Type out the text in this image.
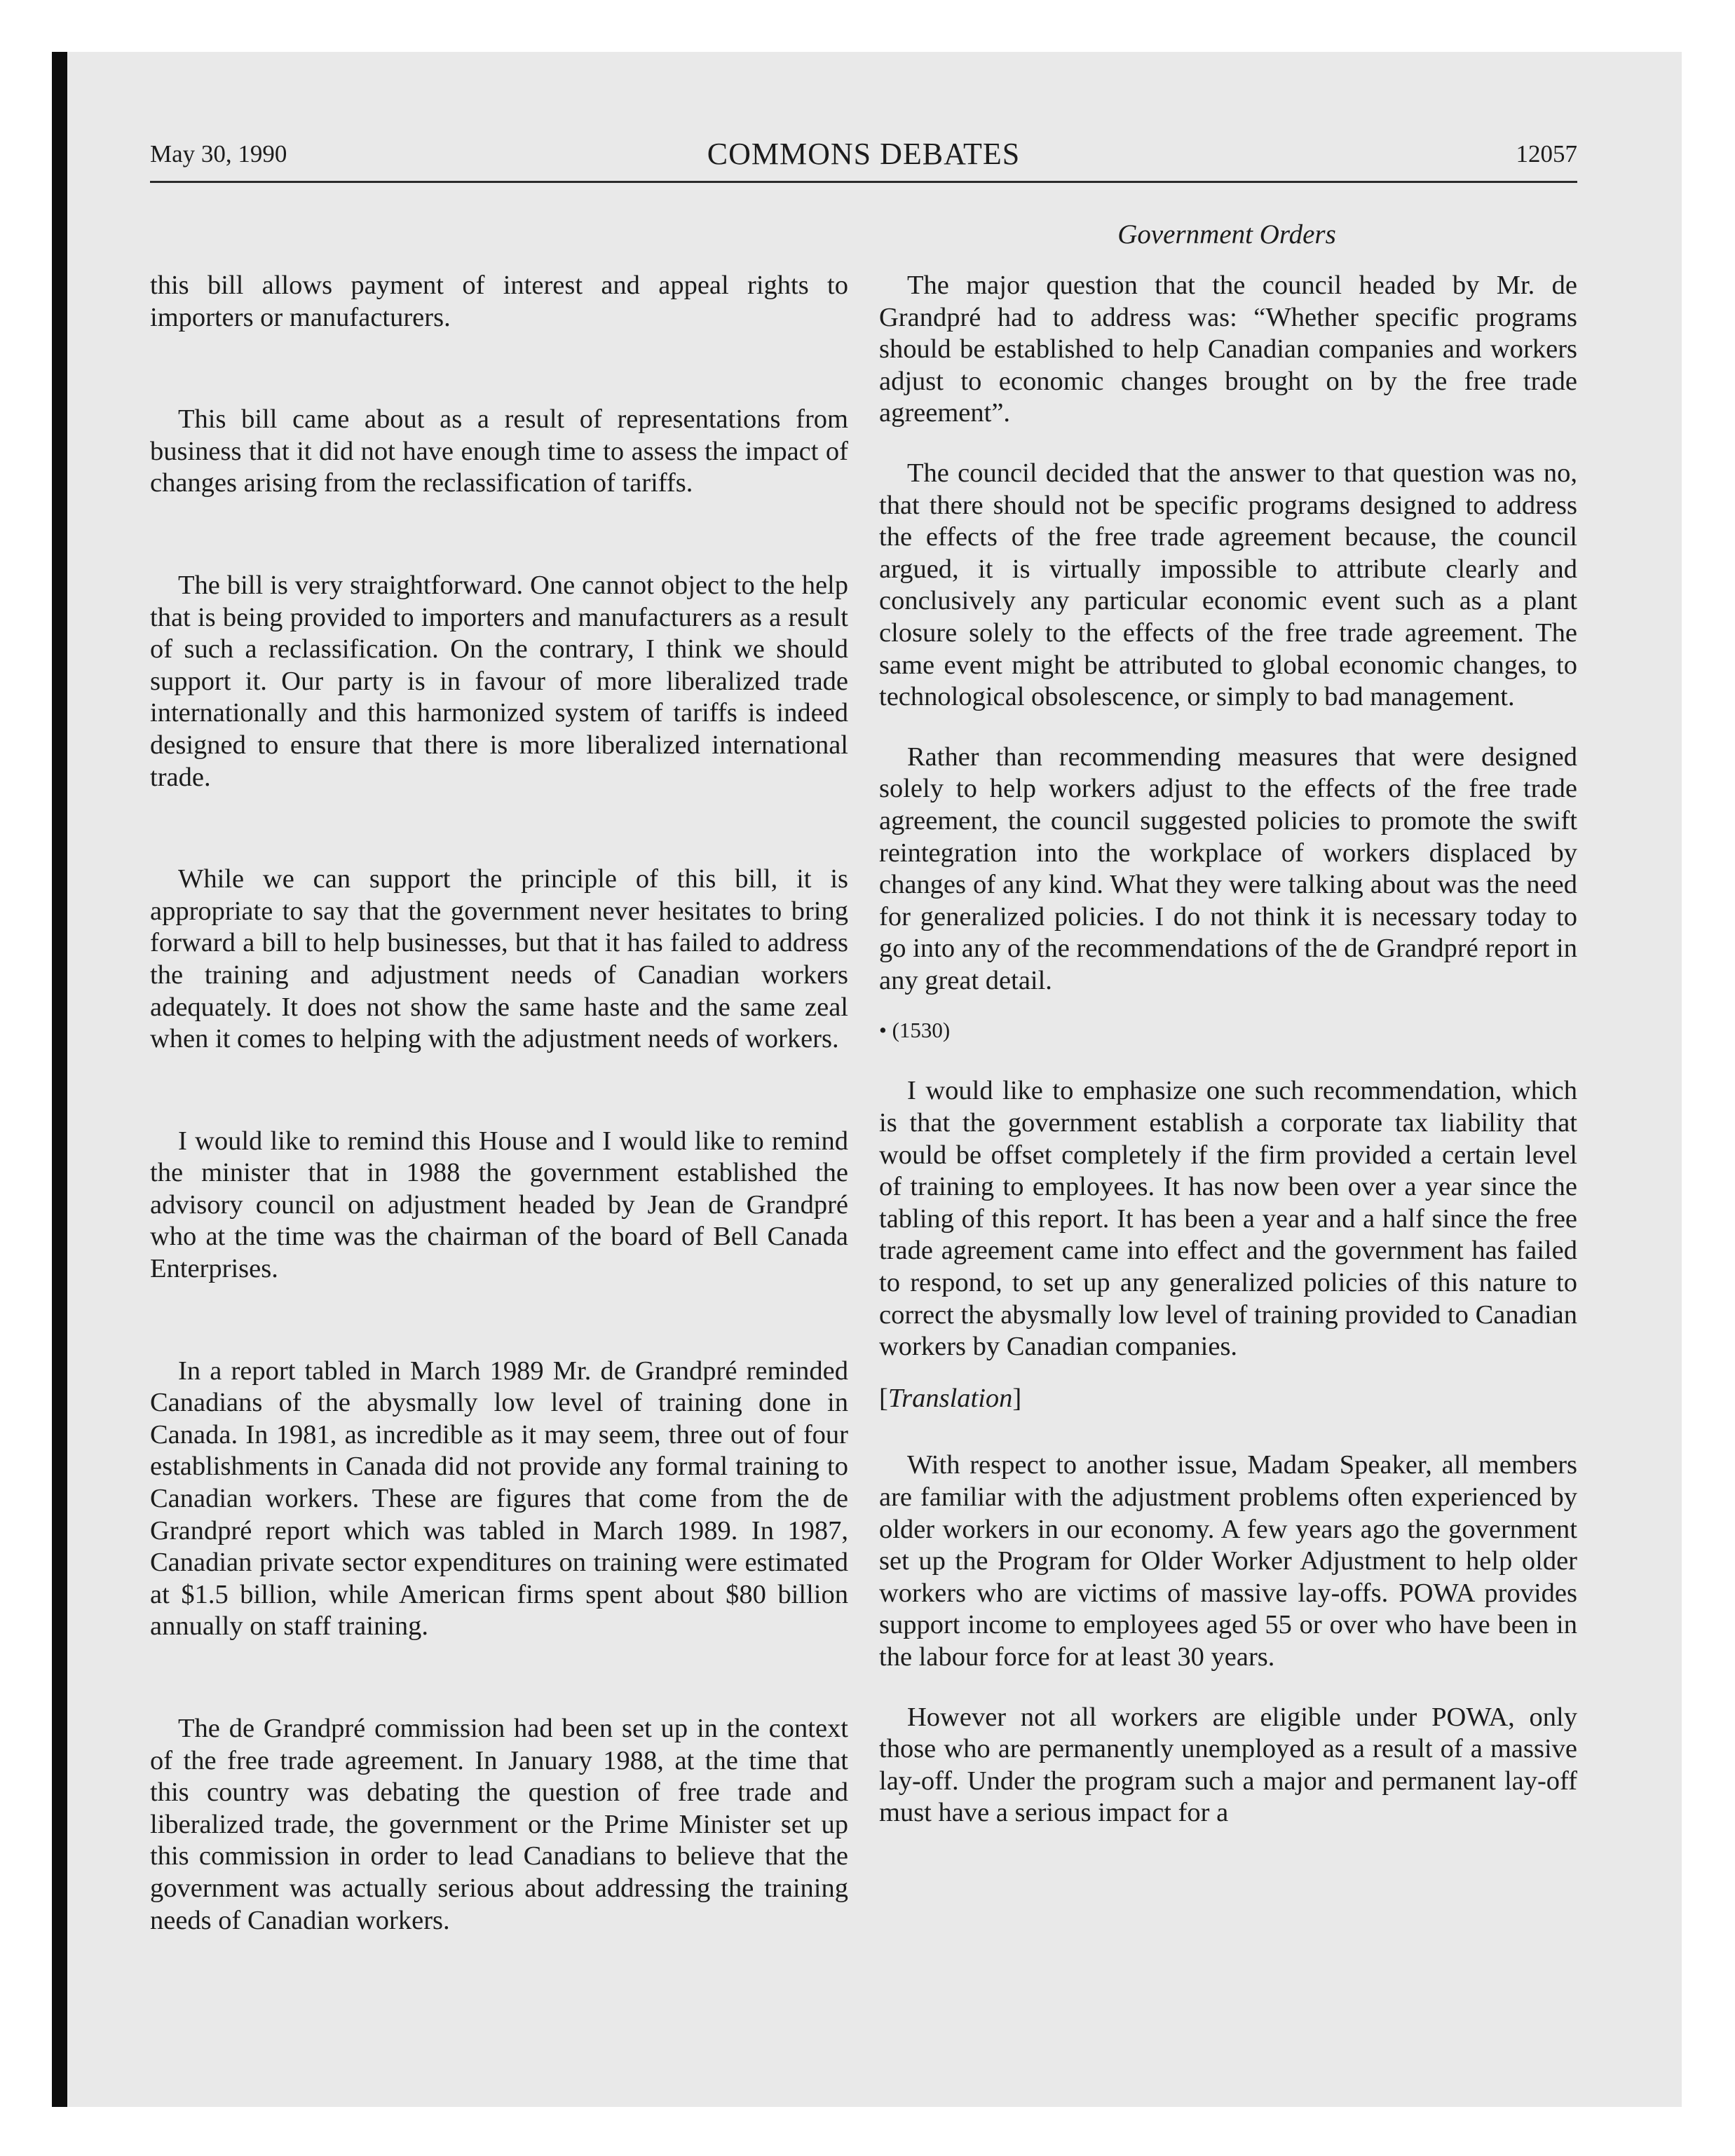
May 30, 1990	COMMONS DEBATES	12057
Government Orders

this bill allows payment of interest and appeal rights to importers or manufacturers.

This bill came about as a result of representations from business that it did not have enough time to assess the impact of changes arising from the reclassification of tariffs.

The bill is very straightforward. One cannot object to the help that is being provided to importers and manufacturers as a result of such a reclassification. On the contrary, I think we should support it. Our party is in favour of more liberalized trade internationally and this harmonized system of tariffs is indeed designed to ensure that there is more liberalized international trade.

While we can support the principle of this bill, it is appropriate to say that the government never hesitates to bring forward a bill to help businesses, but that it has failed to address the training and adjustment needs of Canadian workers adequately. It does not show the same haste and the same zeal when it comes to helping with the adjustment needs of workers.

I would like to remind this House and I would like to remind the minister that in 1988 the government established the advisory council on adjustment headed by Jean de Grandpré who at the time was the chairman of the board of Bell Canada Enterprises.

In a report tabled in March 1989 Mr. de Grandpré reminded Canadians of the abysmally low level of training done in Canada. In 1981, as incredible as it may seem, three out of four establishments in Canada did not provide any formal training to Canadian workers. These are figures that come from the de Grandpré report which was tabled in March 1989. In 1987, Canadian private sector expenditures on training were estimated at $1.5 billion, while American firms spent about $80 billion annually on staff training.

The de Grandpré commission had been set up in the context of the free trade agreement. In January 1988, at the time that this country was debating the question of free trade and liberalized trade, the government or the Prime Minister set up this commission in order to lead Canadians to believe that the government was actually serious about addressing the training needs of Canadian workers.

The major question that the council headed by Mr. de Grandpré had to address was: “Whether specific programs should be established to help Canadian companies and workers adjust to economic changes brought on by the free trade agreement”.

The council decided that the answer to that question was no, that there should not be specific programs designed to address the effects of the free trade agreement because, the council argued, it is virtually impossible to attribute clearly and conclusively any particular economic event such as a plant closure solely to the effects of the free trade agreement. The same event might be attributed to global economic changes, to technological obsolescence, or simply to bad management.

Rather than recommending measures that were designed solely to help workers adjust to the effects of the free trade agreement, the council suggested policies to promote the swift reintegration into the workplace of workers displaced by changes of any kind. What they were talking about was the need for generalized policies. I do not think it is necessary today to go into any of the recommendations of the de Grandpré report in any great detail.

• (1530)

I would like to emphasize one such recommendation, which is that the government establish a corporate tax liability that would be offset completely if the firm provided a certain level of training to employees. It has now been over a year since the tabling of this report. It has been a year and a half since the free trade agreement came into effect and the government has failed to respond, to set up any generalized policies of this nature to correct the abysmally low level of training provided to Canadian workers by Canadian companies.

[Translation]

With respect to another issue, Madam Speaker, all members are familiar with the adjustment problems often experienced by older workers in our economy. A few years ago the government set up the Program for Older Worker Adjustment to help older workers who are victims of massive lay-offs. POWA provides support income to employees aged 55 or over who have been in the labour force for at least 30 years.

However not all workers are eligible under POWA, only those who are permanently unemployed as a result of a massive lay-off. Under the program such a major and permanent lay-off must have a serious impact for a
